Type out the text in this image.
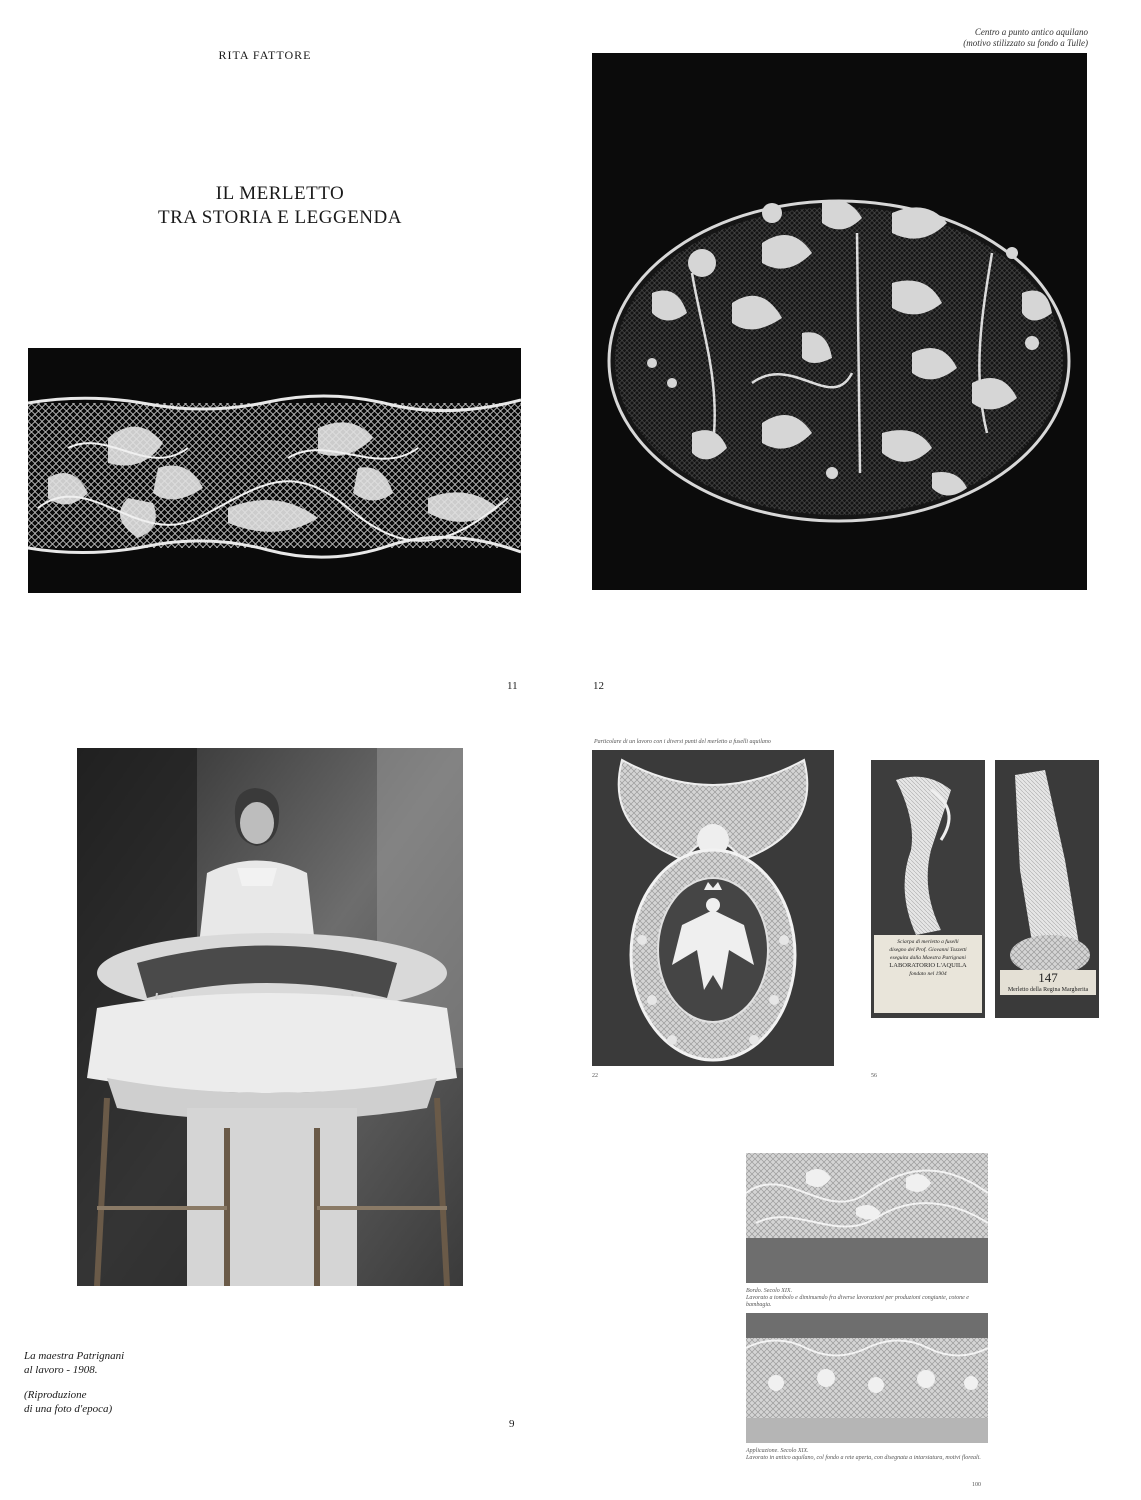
RITA FATTORE
IL MERLETTO
TRA STORIA E LEGGENDA
11
Centro a punto antico aquilano
(motivo stilizzato su fondo a Tulle)
12
La maestra Patrignani
al lavoro - 1908.
(Riproduzione
di una foto d'epoca)
9
Particolare di un lavoro con i diversi punti del merletto a fuselli aquilano
22
Sciarpa di merletto a fuselli
disegno del Prof. Giovanni Tozzetti
eseguita dalla Maestra Patrignani
LABORATORIO L'AQUILA
fondato nel 1904	147
Merletto della Regina Margherita
56
Bordo. Secolo XIX.
Lavorato a tombolo e diminuendo fra diverse lavorazioni per produzioni congiunte, cotone e bambagia.
Applicazione. Secolo XIX.
Lavorato in antico aquilano, col fondo a rete aperta, con disegnata a intarsiatura, motivi floreali.
100
